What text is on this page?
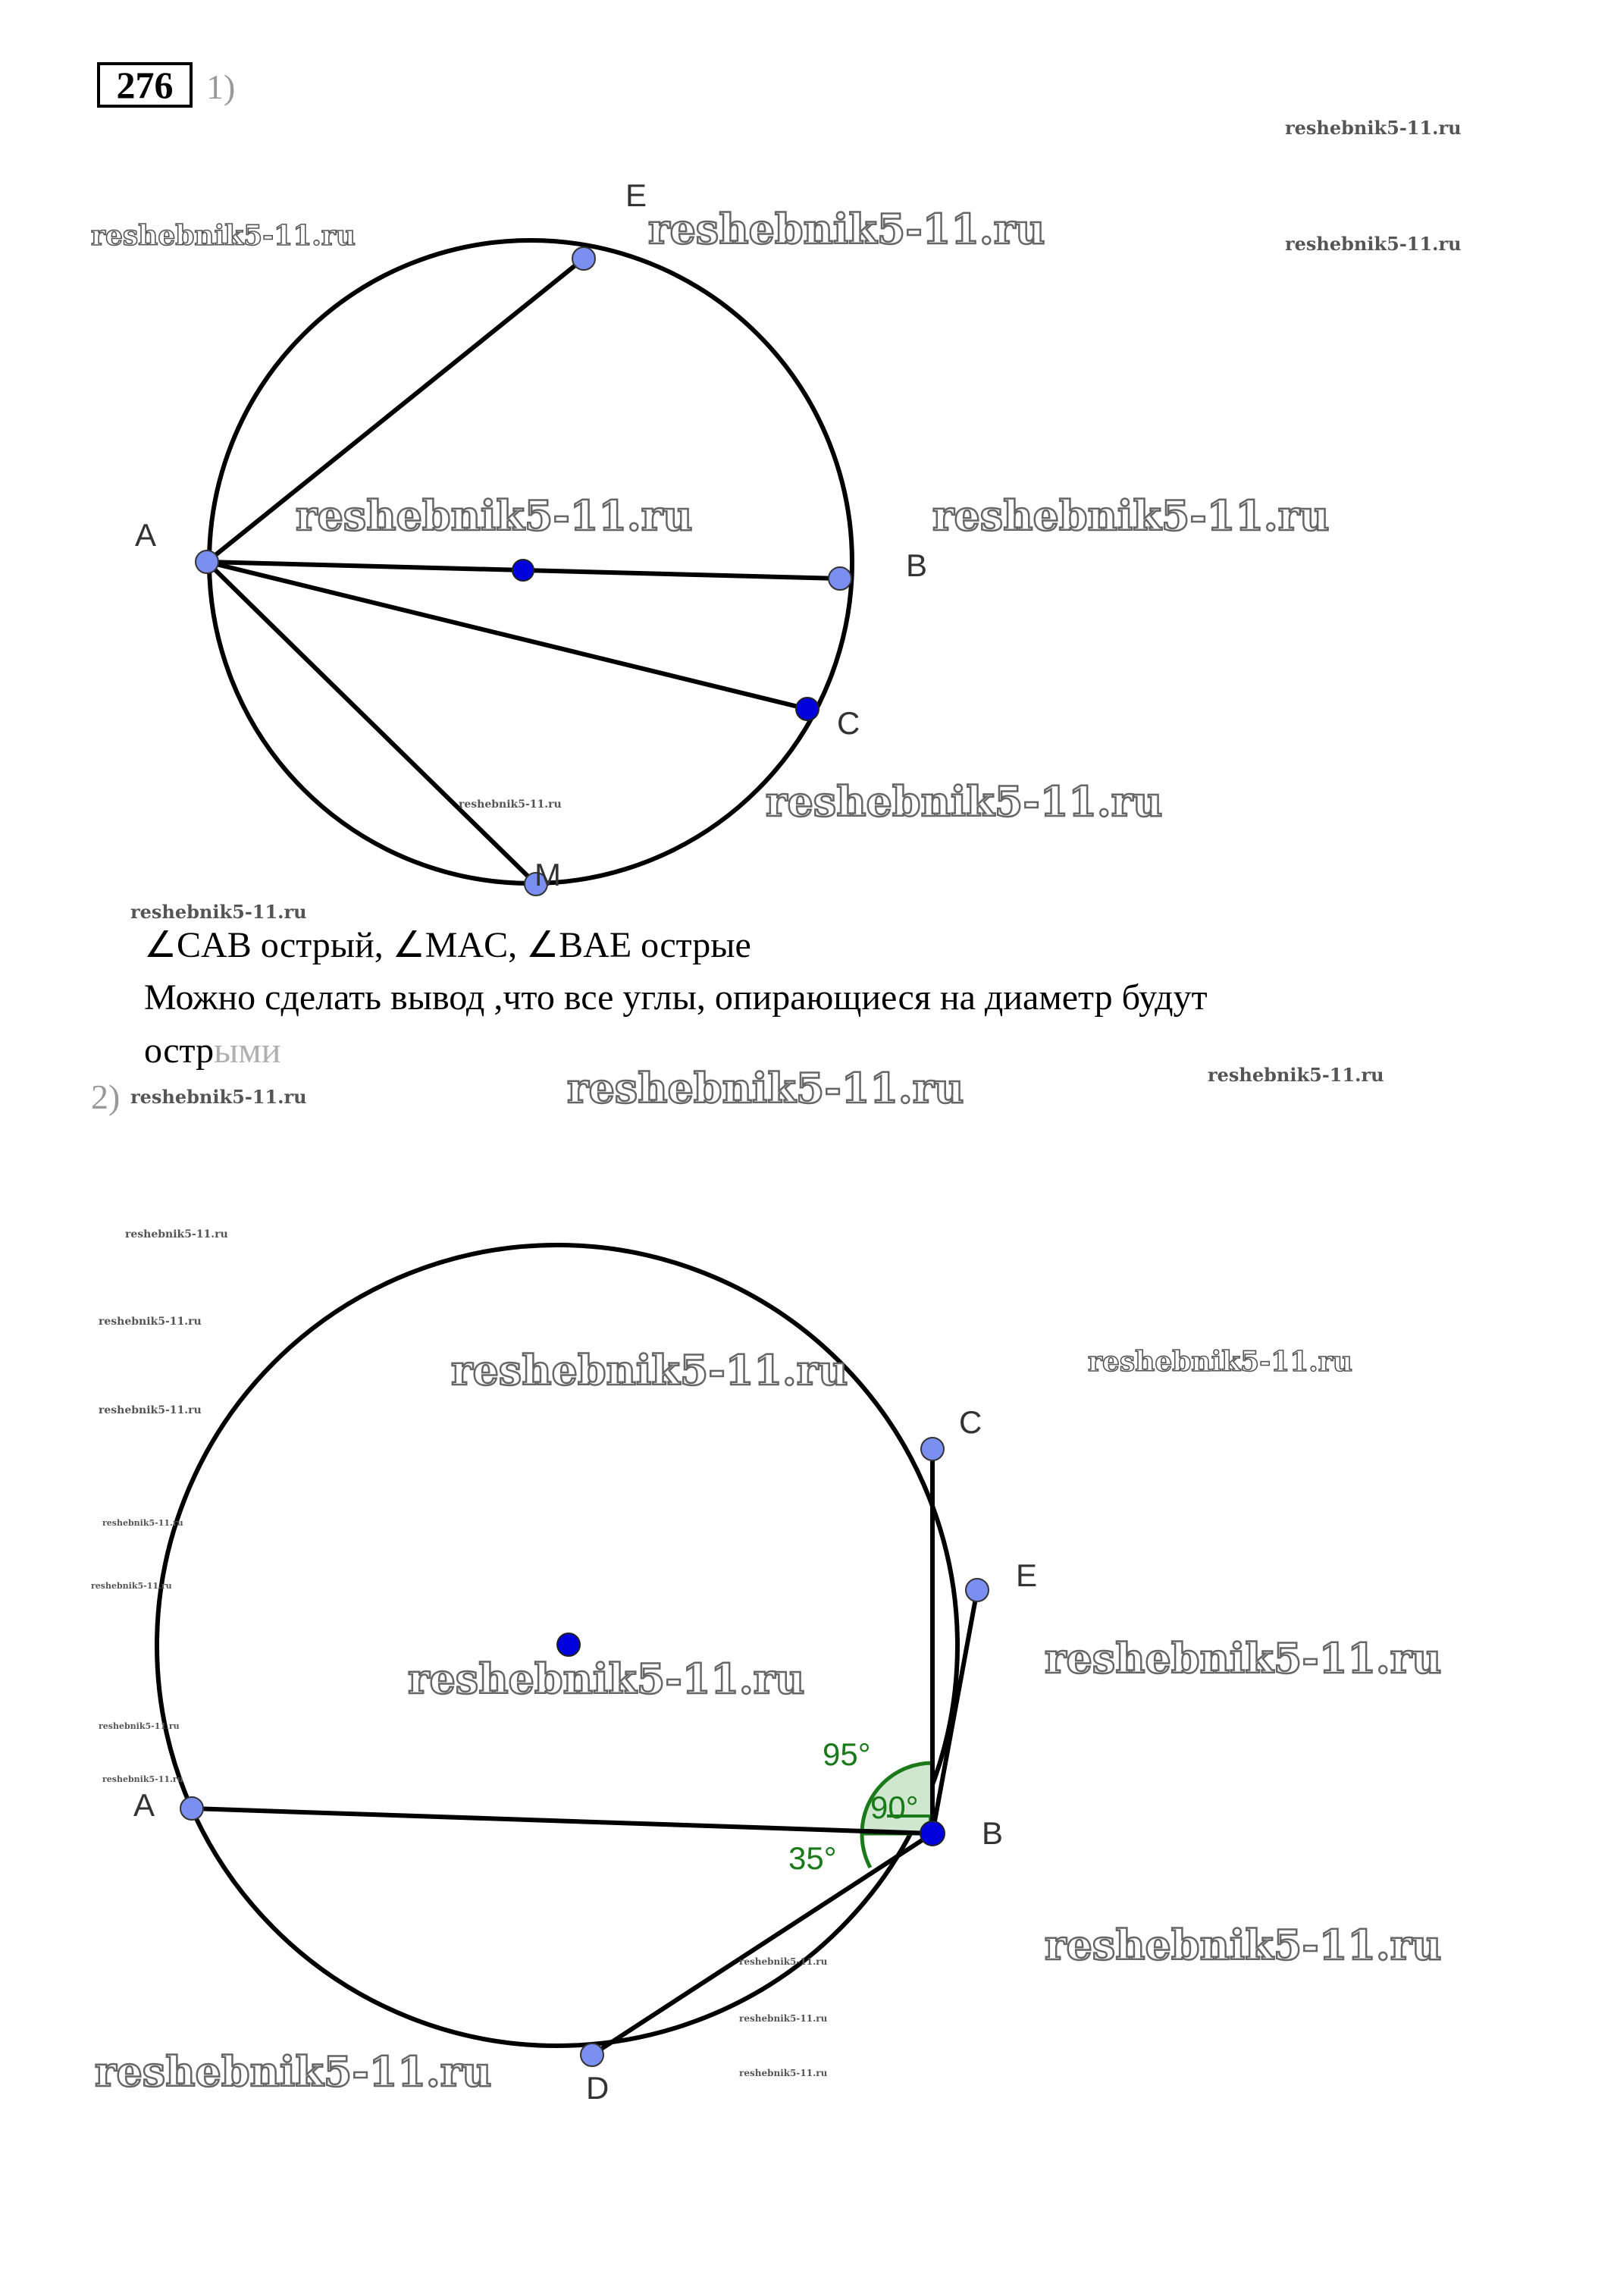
276 1)
2)
E
A
B
C
M
C
E
A
B
D
95°
90°
35°
∠CAB острый, ∠MAC, ∠BAE острые
Можно сделать вывод ,что все углы, опирающиеся на диаметр будут
острыми
reshebnik5-11.ru
reshebnik5-11.ru
reshebnik5-11.ru	reshebnik5-11.ru
reshebnik5-11.ru	reshebnik5-11.ru
reshebnik5-11.ru
reshebnik5-11.ru
reshebnik5-11.ru
reshebnik5-11.ru	reshebnik5-11.ru	reshebnik5-11.ru
reshebnik5-11.ru
reshebnik5-11.ru
reshebnik5-11.ru
reshebnik5-11.ru
reshebnik5-11.ru
reshebnik5-11.ru
reshebnik5-11.ru
reshebnik5-11.ru	reshebnik5-11.ru
reshebnik5-11.ru	reshebnik5-11.ru
reshebnik5-11.ru
reshebnik5-11.ru
reshebnik5-11.ru
reshebnik5-11.ru
reshebnik5-11.ru
